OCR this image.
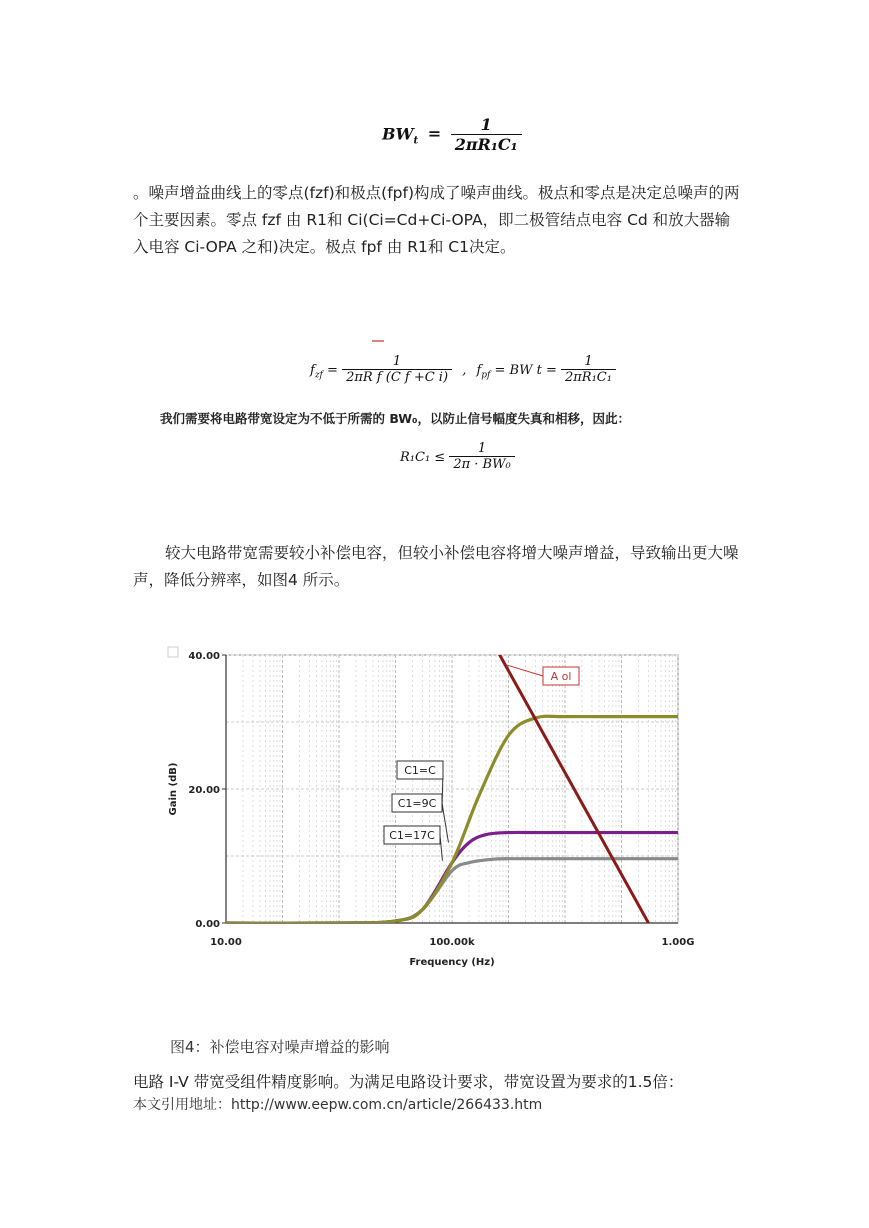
$BW_t = \frac{1}{\text{2πR₁C₁}}$
。噪声增益曲线上的零点(fzf)和极点(fpf)构成了噪声曲线。极点和零点是决定总噪声的两个主要因素。零点 fzf 由 R1和 Ci(Ci=Cd+Ci-OPA，即二极管结点电容 Cd 和放大器输入电容 Ci-OPA 之和)决定。极点 fpf 由 R1和 C1决定。
$f_{zf} = \frac{1}{\text{2πR f (C f +C i)}}$ , $f_{pf}$ = BW $t = \frac{1}{\text{2πR₁C₁}}$
我们需要将电路带宽设定为不低于所需的 BW₀，以防止信号幅度失真和相移，因此：
$R_1C_1 \le \frac{1}{\text{2π · BW₀}}$
较大电路带宽需要较小补偿电容，但较小补偿电容将增大噪声增益，导致输出更大噪声，降低分辨率，如图4 所示。
0.00
20.00
40.00
10.00	100.00k	1.00G
Frequency (Hz)
Gain (dB)
A ol
C1=C
C1=9C
C1=17C
图4：补偿电容对噪声增益的影响
电路 I-V 带宽受组件精度影响。为满足电路设计要求，带宽设置为要求的1.5倍：
本文引用地址：http://www.eepw.com.cn/article/266433.htm
